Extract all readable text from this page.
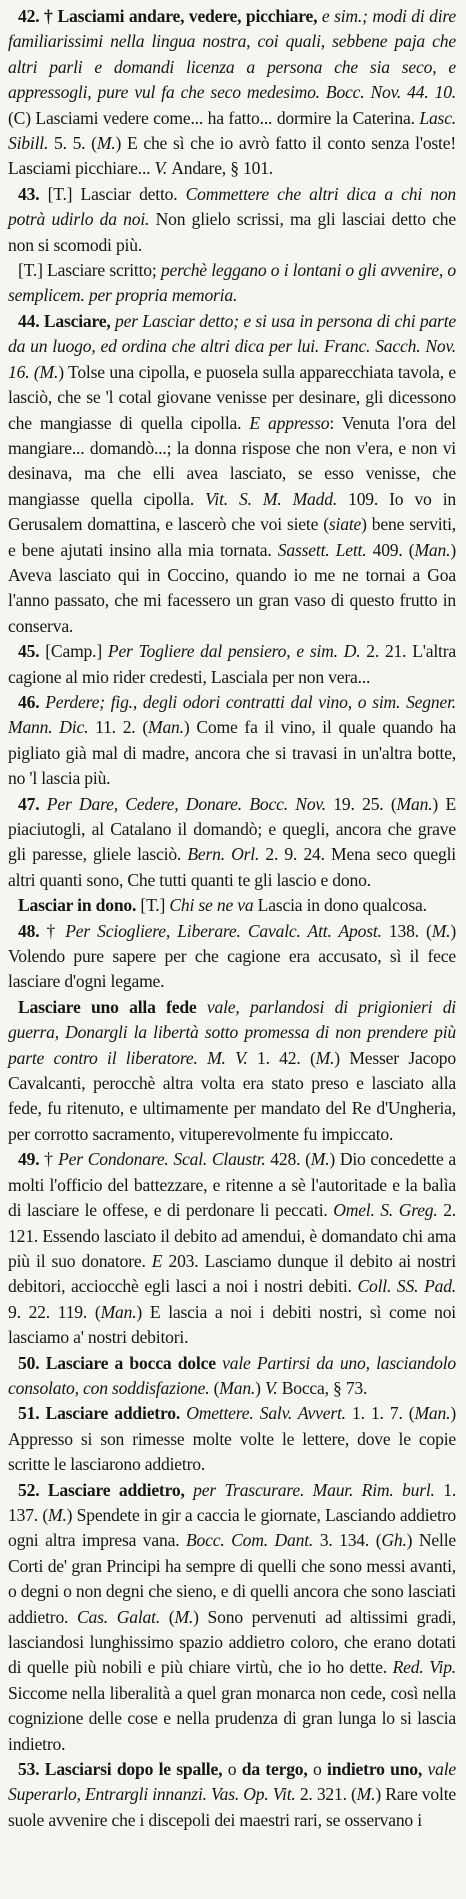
42. † Lasciami andare, vedere, picchiare, e sim.; modi di dire familiarissimi nella lingua nostra, coi quali, sebbene paja che altri parli e domandi licenza a persona che sia seco, e appressogli, pure vul fa che seco medesimo. Bocc. Nov. 44. 10. (C) Lasciami vedere come... ha fatto... dormire la Caterina. Lasc. Sibill. 5. 5. (M.) E che sì che io avrò fatto il conto senza l'oste! Lasciami picchiare... V. Andare, § 101.

43. [T.] Lasciar detto. Commettere che altri dica a chi non potrà udirlo da noi. Non glielo scrissi, ma gli lasciai detto che non si scomodi più.

[T.] Lasciare scritto; perchè leggano o i lontani o gli avvenire, o semplicem. per propria memoria.

44. Lasciare, per Lasciar detto; e si usa in persona di chi parte da un luogo, ed ordina che altri dica per lui. Franc. Sacch. Nov. 16. (M.) Tolse una cipolla, e puosela sulla apparecchiata tavola, e lasciò, che se 'l cotal giovane venisse per desinare, gli dicessono che mangiasse di quella cipolla. E appresso: Venuta l'ora del mangiare... domandò...; la donna rispose che non v'era, e non vi desinava, ma che elli avea lasciato, se esso venisse, che mangiasse quella cipolla. Vit. S. M. Madd. 109. Io vo in Gerusalem domattina, e lascerò che voi siete (siate) bene serviti, e bene ajutati insino alla mia tornata. Sassett. Lett. 409. (Man.) Aveva lasciato qui in Coccino, quando io me ne tornai a Goa l'anno passato, che mi facessero un gran vaso di questo frutto in conserva.

45. [Camp.] Per Togliere dal pensiero, e sim. D. 2. 21. L'altra cagione al mio rider credesti, Lasciala per non vera...

46. Perdere; fig., degli odori contratti dal vino, o sim. Segner. Mann. Dic. 11. 2. (Man.) Come fa il vino, il quale quando ha pigliato già mal di madre, ancora che si travasi in un'altra botte, no 'l lascia più.

47. Per Dare, Cedere, Donare. Bocc. Nov. 19. 25. (Man.) E piaciutogli, al Catalano il domandò; e quegli, ancora che grave gli paresse, gliele lasciò. Bern. Orl. 2. 9. 24. Mena seco quegli altri quanti sono, Che tutti quanti te gli lascio e dono.

Lasciar in dono. [T.] Chi se ne va Lascia in dono qualcosa.

48. † Per Sciogliere, Liberare. Cavalc. Att. Apost. 138. (M.) Volendo pure sapere per che cagione era accusato, sì il fece lasciare d'ogni legame.

Lasciare uno alla fede vale, parlandosi di prigionieri di guerra, Donargli la libertà sotto promessa di non prendere più parte contro il liberatore. M. V. 1. 42. (M.) Messer Jacopo Cavalcanti, perocchè altra volta era stato preso e lasciato alla fede, fu ritenuto, e ultimamente per mandato del Re d'Ungheria, per corrotto sacramento, vituperevolmente fu impiccato.

49. † Per Condonare. Scal. Claustr. 428. (M.) Dio concedette a molti l'officio del battezzare, e ritenne a sè l'autoritade e la balìa di lasciare le offese, e di perdonare li peccati. Omel. S. Greg. 2. 121. Essendo lasciato il debito ad amendui, è domandato chi ama più il suo donatore. E 203. Lasciamo dunque il debito ai nostri debitori, acciocchè egli lasci a noi i nostri debiti. Coll. SS. Pad. 9. 22. 119. (Man.) E lascia a noi i debiti nostri, sì come noi lasciamo a' nostri debitori.

50. Lasciare a bocca dolce vale Partirsi da uno, lasciandolo consolato, con soddisfazione. (Man.) V. Bocca, § 73.

51. Lasciare addietro. Omettere. Salv. Avvert. 1. 1. 7. (Man.) Appresso si son rimesse molte volte le lettere, dove le copie scritte le lasciarono addietro.

52. Lasciare addietro, per Trascurare. Maur. Rim. burl. 1. 137. (M.) Spendete in gir a caccia le giornate, Lasciando addietro ogni altra impresa vana. Bocc. Com. Dant. 3. 134. (Gh.) Nelle Corti de' gran Principi ha sempre di quelli che sono messi avanti, o degni o non degni che sieno, e di quelli ancora che sono lasciati addietro. Cas. Galat. (M.) Sono pervenuti ad altissimi gradi, lasciandosi lunghissimo spazio addietro coloro, che erano dotati di quelle più nobili e più chiare virtù, che io ho dette. Red. Vip. Siccome nella liberalità a quel gran monarca non cede, così nella cognizione delle cose e nella prudenza di gran lunga lo si lascia indietro.

53. Lasciarsi dopo le spalle, o da tergo, o indietro uno, vale Superarlo, Entrargli innanzi. Vas. Op. Vit. 2. 321. (M.) Rare volte suole avvenire che i discepoli dei maestri rari, se osservano i
